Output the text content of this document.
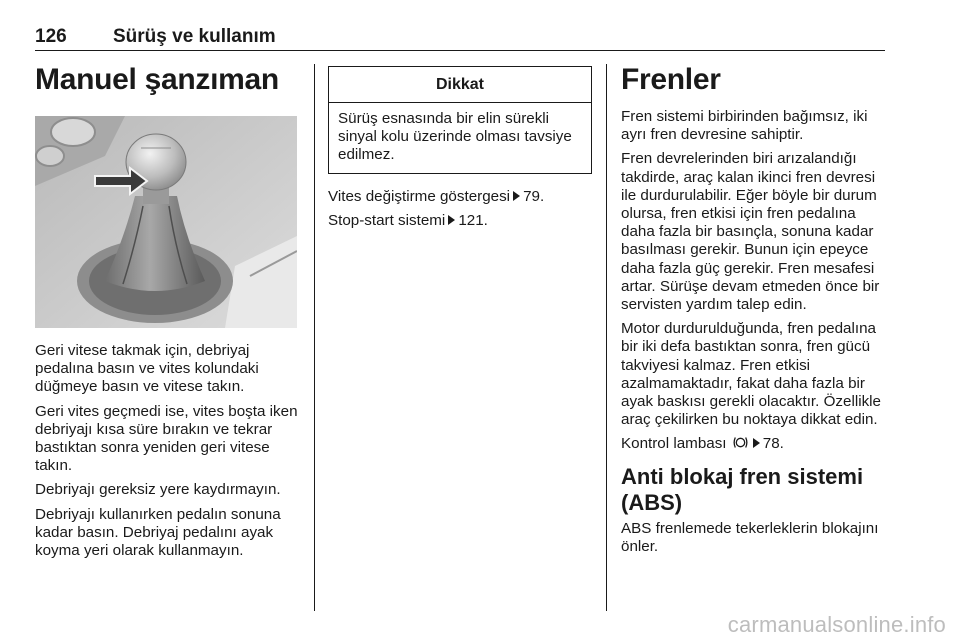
126 Sürüş ve kullanım
Manuel şanzıman

Geri vitese takmak için, debriyaj pedalına basın ve vites kolundaki düğmeye basın ve vitese takın.

Geri vites geçmedi ise, vites boşta iken debriyajı kısa süre bırakın ve tekrar bastıktan sonra yeniden geri vitese takın.

Debriyajı gereksiz yere kaydırmayın.

Debriyajı kullanırken pedalın sonuna kadar basın. Debriyaj pedalını ayak koyma yeri olarak kullanmayın.

Dikkat
Sürüş esnasında bir elin sürekli sinyal kolu üzerinde olması tavsiye edilmez.

Vites değiştirme göstergesi 79.

Stop-start sistemi 121.

Frenler

Fren sistemi birbirinden bağımsız, iki ayrı fren devresine sahiptir.

Fren devrelerinden biri arızalandığı takdirde, araç kalan ikinci fren devresi ile durdurulabilir. Eğer böyle bir durum olursa, fren etkisi için fren pedalına daha fazla bir basınçla, sonuna kadar basılması gerekir. Bunun için epeyce daha fazla güç gerekir. Fren mesafesi artar. Sürüşe devam etmeden önce bir servisten yardım talep edin.

Motor durdurulduğunda, fren pedalına bir iki defa bastıktan sonra, fren gücü takviyesi kalmaz. Fren etkisi azalmamaktadır, fakat daha fazla bir ayak baskısı gerekli olacaktır. Özellikle araç çekilirken bu noktaya dikkat edin.

Kontrol lambası 78.

Anti blokaj fren sistemi (ABS)

ABS frenlemede tekerleklerin blokajını önler.

carmanualsonline.info
